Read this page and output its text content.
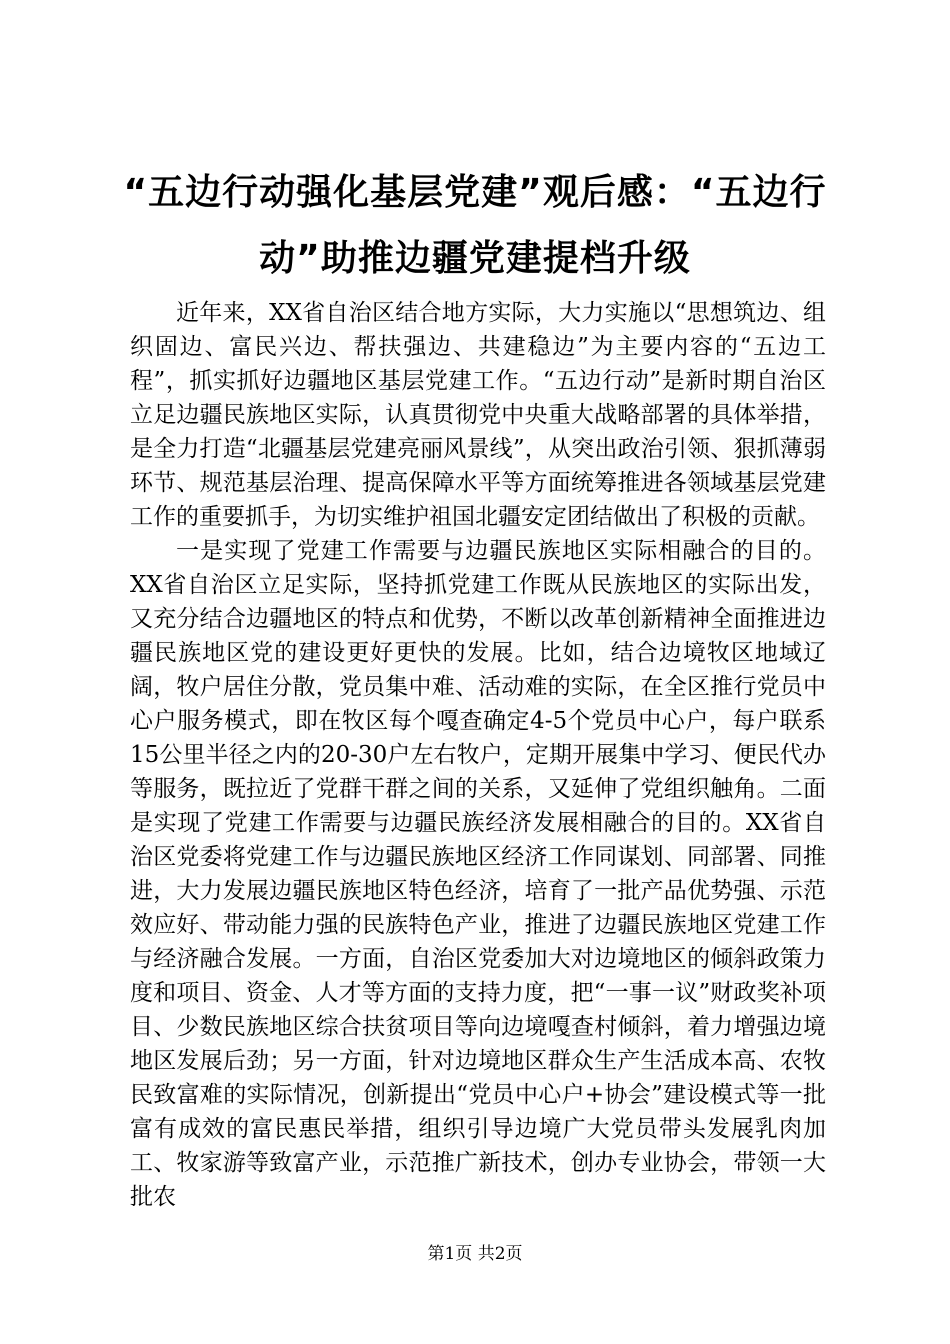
“五边行动强化基层党建”观后感：“五边行动”助推边疆党建提档升级

近年来，XX省自治区结合地方实际，大力实施以“思想筑边、组织固边、富民兴边、帮扶强边、共建稳边”为主要内容的“五边工程”，抓实抓好边疆地区基层党建工作。“五边行动”是新时期自治区立足边疆民族地区实际，认真贯彻党中央重大战略部署的具体举措，是全力打造“北疆基层党建亮丽风景线”，从突出政治引领、狠抓薄弱环节、规范基层治理、提高保障水平等方面统筹推进各领域基层党建工作的重要抓手，为切实维护祖国北疆安定团结做出了积极的贡献。

一是实现了党建工作需要与边疆民族地区实际相融合的目的。XX省自治区立足实际，坚持抓党建工作既从民族地区的实际出发，又充分结合边疆地区的特点和优势，不断以改革创新精神全面推进边疆民族地区党的建设更好更快的发展。比如，结合边境牧区地域辽阔，牧户居住分散，党员集中难、活动难的实际，在全区推行党员中心户服务模式，即在牧区每个嘎查确定4-5个党员中心户，每户联系15公里半径之内的20-30户左右牧户，定期开展集中学习、便民代办等服务，既拉近了党群干群之间的关系，又延伸了党组织触角。二面是实现了党建工作需要与边疆民族经济发展相融合的目的。XX省自治区党委将党建工作与边疆民族地区经济工作同谋划、同部署、同推进，大力发展边疆民族地区特色经济，培育了一批产品优势强、示范效应好、带动能力强的民族特色产业，推进了边疆民族地区党建工作与经济融合发展。一方面，自治区党委加大对边境地区的倾斜政策力度和项目、资金、人才等方面的支持力度，把“一事一议”财政奖补项目、少数民族地区综合扶贫项目等向边境嘎查村倾斜，着力增强边境地区发展后劲；另一方面，针对边境地区群众生产生活成本高、农牧民致富难的实际情况，创新提出“党员中心户+协会”建设模式等一批富有成效的富民惠民举措，组织引导边境广大党员带头发展乳肉加工、牧家游等致富产业，示范推广新技术，创办专业协会，带领一大批农

第1页 共2页
